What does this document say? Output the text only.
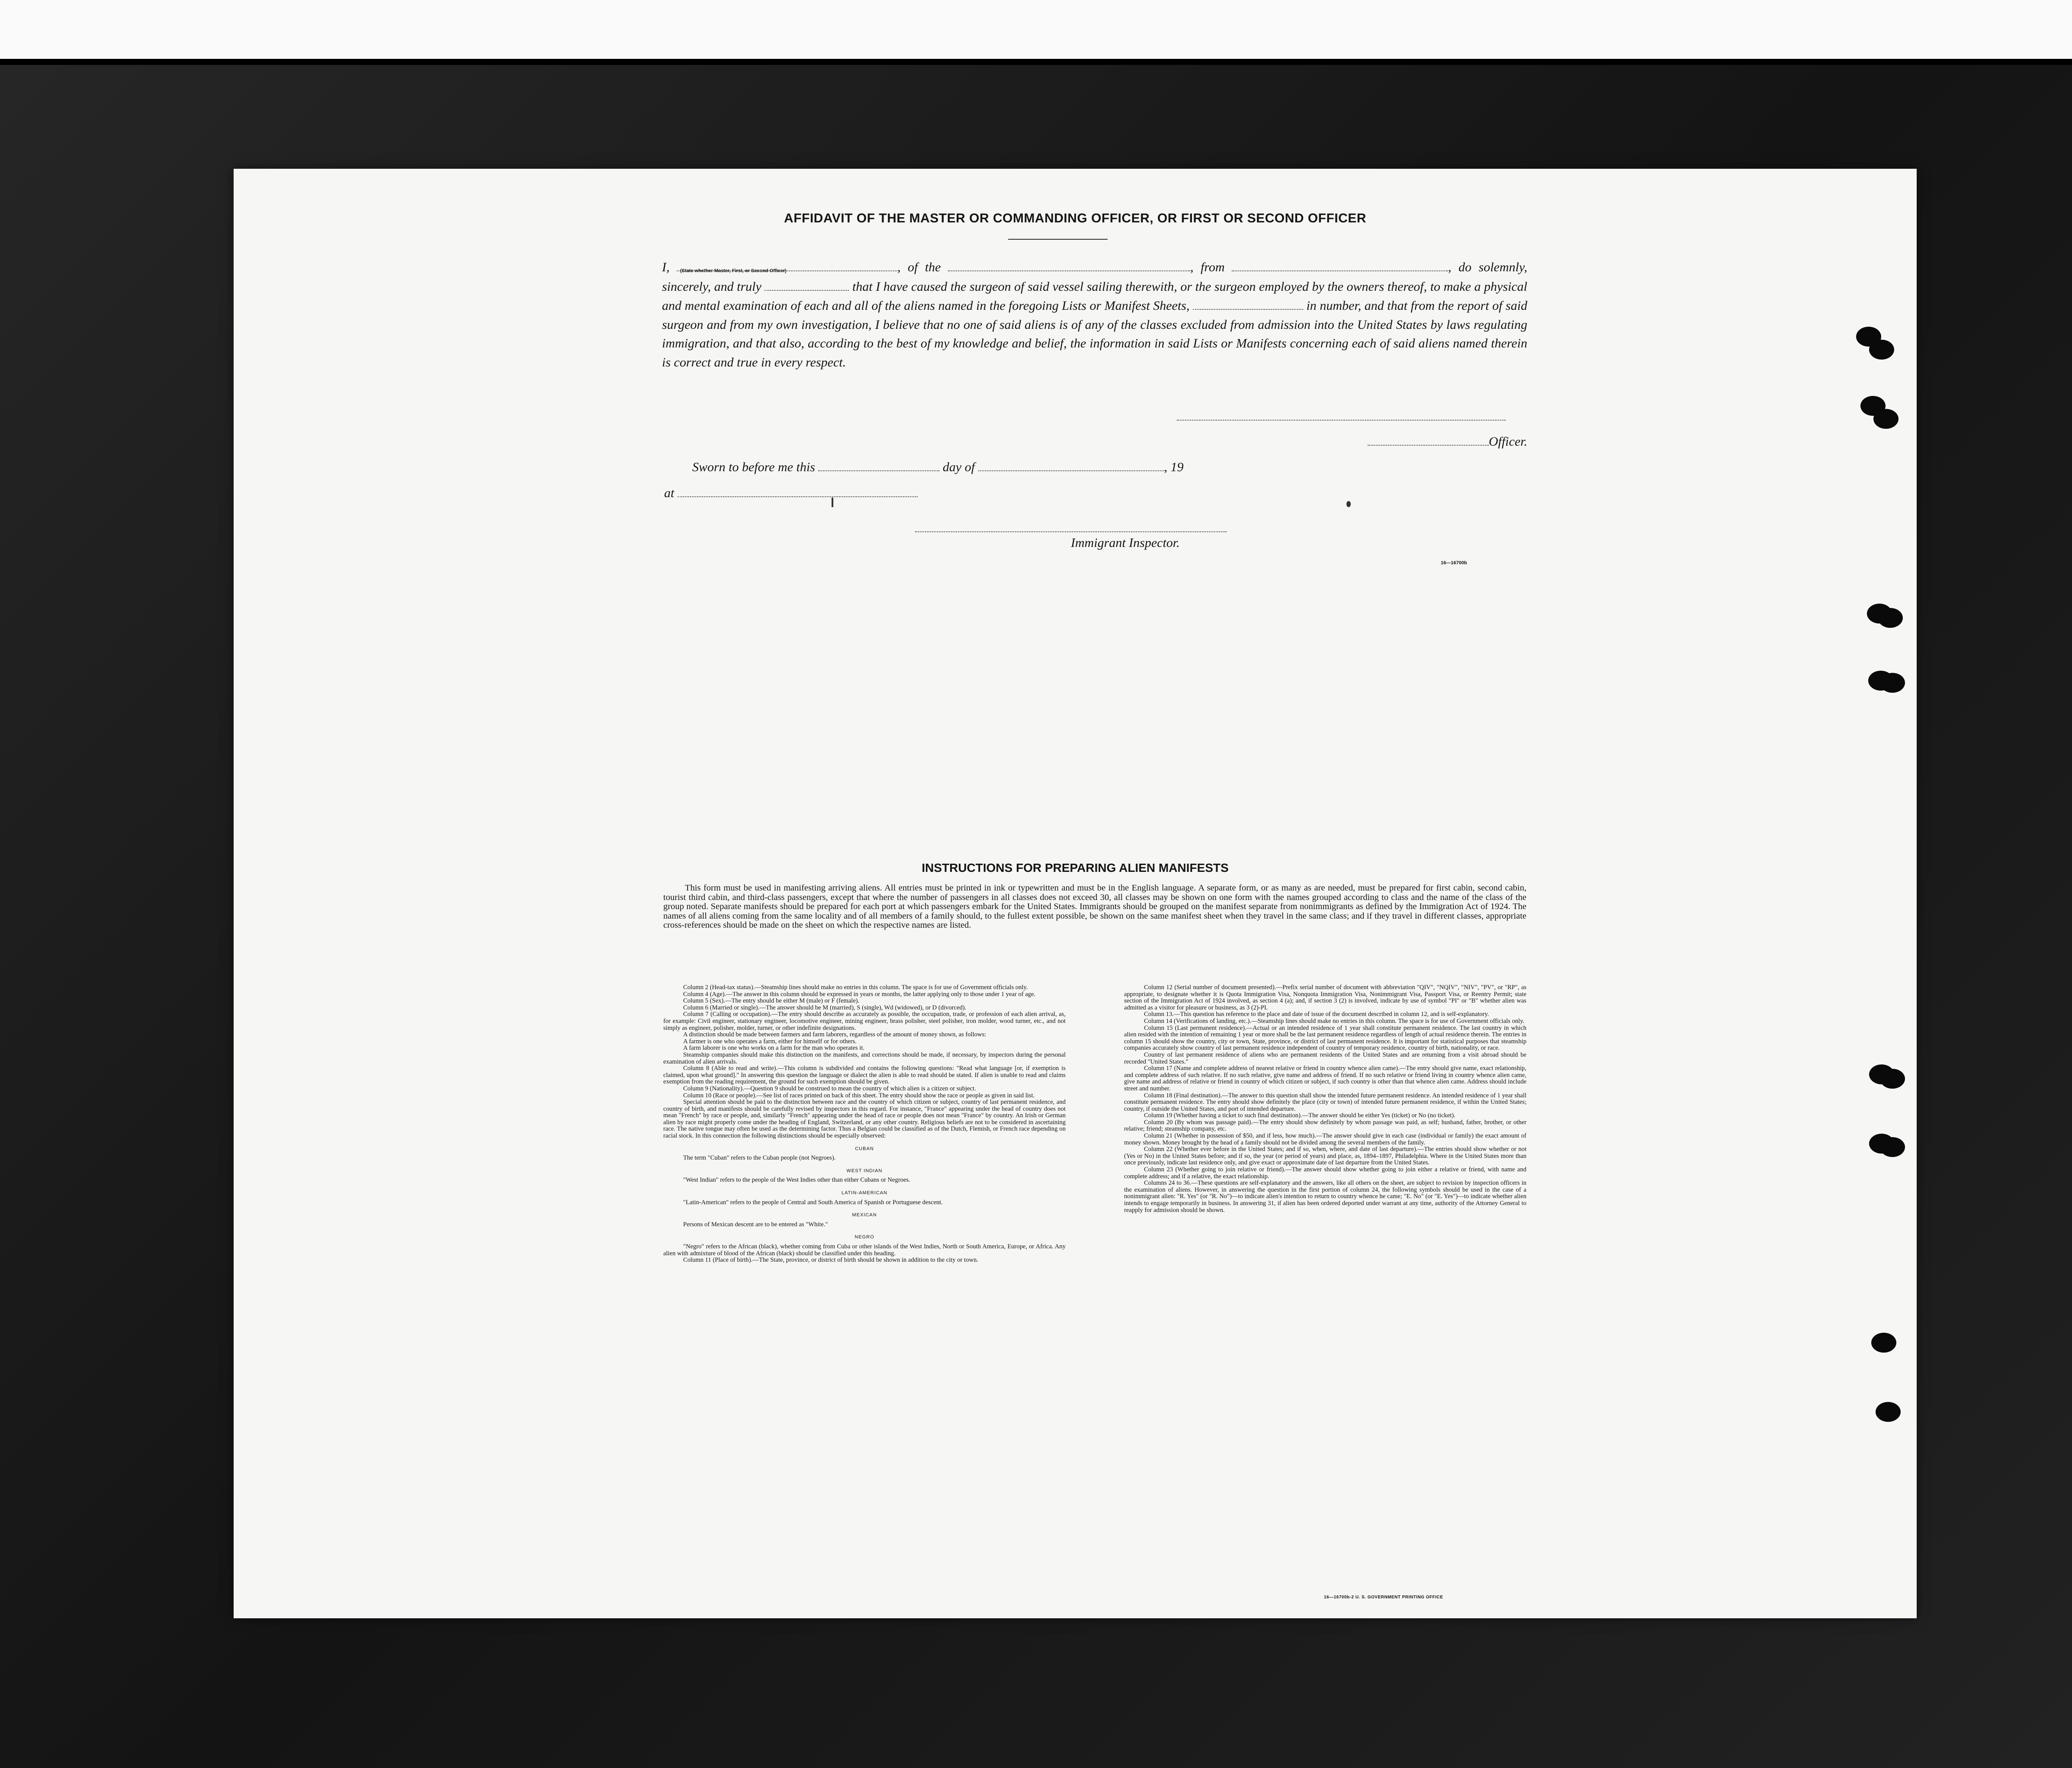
AFFIDAVIT OF THE MASTER OR COMMANDING OFFICER, OR FIRST OR SECOND OFFICER
I, (State whether Master, First, or Second Officer)	, of the	, from	, do solemnly, sincerely, and truly	that I have caused the surgeon of said vessel sailing therewith, or the surgeon employed by the owners thereof, to make a physical and mental examination of each and all of the aliens named in the foregoing Lists or Manifest Sheets,	in number, and that from the report of said surgeon and from my own investigation, I believe that no one of said aliens is of any of the classes excluded from admission into the United States by laws regulating immigration, and that also, according to the best of my knowledge and belief, the information in said Lists or Manifests concerning each of said aliens named therein is correct and true in every respect.
Officer.
Sworn to before me this	day of	, 19
at
Immigrant Inspector.
16—16700b
INSTRUCTIONS FOR PREPARING ALIEN MANIFESTS
This form must be used in manifesting arriving aliens. All entries must be printed in ink or typewritten and must be in the English language. A separate form, or as many as are needed, must be prepared for first cabin, second cabin, tourist third cabin, and third-class passengers, except that where the number of passengers in all classes does not exceed 30, all classes may be shown on one form with the names grouped according to class and the name of the class of the group noted. Separate manifests should be prepared for each port at which passengers embark for the United States. Immigrants should be grouped on the manifest separate from nonimmigrants as defined by the Immigration Act of 1924. The names of all aliens coming from the same locality and of all members of a family should, to the fullest extent possible, be shown on the same manifest sheet when they travel in the same class; and if they travel in different classes, appropriate cross-references should be made on the sheet on which the respective names are listed.

Column 2 (Head-tax status).—Steamship lines should make no entries in this column. The space is for use of Government officials only.

Column 4 (Age).—The answer in this column should be expressed in years or months, the latter applying only to those under 1 year of age.

Column 5 (Sex).—The entry should be either M (male) or F (female).

Column 6 (Married or single).—The answer should be M (married), S (single), Wd (widowed), or D (divorced).

Column 7 (Calling or occupation).—The entry should describe as accurately as possible, the occupation, trade, or profession of each alien arrival, as, for example: Civil engineer, stationary engineer, locomotive engineer, mining engineer, brass polisher, steel polisher, iron molder, wood turner, etc., and not simply as engineer, polisher, molder, turner, or other indefinite designations.

A distinction should be made between farmers and farm laborers, regardless of the amount of money shown, as follows:

A farmer is one who operates a farm, either for himself or for others.

A farm laborer is one who works on a farm for the man who operates it.

Steamship companies should make this distinction on the manifests, and corrections should be made, if necessary, by inspectors during the personal examination of alien arrivals.

Column 8 (Able to read and write).—This column is subdivided and contains the following questions: "Read what language [or, if exemption is claimed, upon what ground]." In answering this question the language or dialect the alien is able to read should be stated. If alien is unable to read and claims exemption from the reading requirement, the ground for such exemption should be given.

Column 9 (Nationality).—Question 9 should be construed to mean the country of which alien is a citizen or subject.

Column 10 (Race or people).—See list of races printed on back of this sheet. The entry should show the race or people as given in said list.

Special attention should be paid to the distinction between race and the country of which citizen or subject, country of last permanent residence, and country of birth, and manifests should be carefully revised by inspectors in this regard. For instance, "France" appearing under the head of country does not mean "French" by race or people, and, similarly "French" appearing under the head of race or people does not mean "France" by country. An Irish or German alien by race might properly come under the heading of England, Switzerland, or any other country. Religious beliefs are not to be considered in ascertaining race. The native tongue may often be used as the determining factor. Thus a Belgian could be classified as of the Dutch, Flemish, or French race depending on racial stock. In this connection the following distinctions should be especially observed:

CUBAN

The term "Cuban" refers to the Cuban people (not Negroes).

WEST INDIAN

"West Indian" refers to the people of the West Indies other than either Cubans or Negroes.

LATIN-AMERICAN

"Latin-American" refers to the people of Central and South America of Spanish or Portuguese descent.

MEXICAN

Persons of Mexican descent are to be entered as "White."

NEGRO

"Negro" refers to the African (black), whether coming from Cuba or other islands of the West Indies, North or South America, Europe, or Africa. Any alien with admixture of blood of the African (black) should be classified under this heading.

Column 11 (Place of birth).—The State, province, or district of birth should be shown in addition to the city or town.

Column 12 (Serial number of document presented).—Prefix serial number of document with abbreviation "QIV", "NQIV", "NIV", "PV", or "RP", as appropriate, to designate whether it is Quota Immigration Visa, Nonquota Immigration Visa, Nonimmigrant Visa, Passport Visa, or Reentry Permit; state section of the Immigration Act of 1924 involved, as section 4 (a); and, if section 3 (2) is involved, indicate by use of symbol "PI" or "B" whether alien was admitted as a visitor for pleasure or business, as 3 (2)-PI.

Column 13.—This question has reference to the place and date of issue of the document described in column 12, and is self-explanatory.

Column 14 (Verifications of landing, etc.).—Steamship lines should make no entries in this column. The space is for use of Government officials only.

Column 15 (Last permanent residence).—Actual or an intended residence of 1 year shall constitute permanent residence. The last country in which alien resided with the intention of remaining 1 year or more shall be the last permanent residence regardless of length of actual residence therein. The entries in column 15 should show the country, city or town, State, province, or district of last permanent residence. It is important for statistical purposes that steamship companies accurately show country of last permanent residence independent of country of temporary residence, country of birth, nationality, or race.

Country of last permanent residence of aliens who are permanent residents of the United States and are returning from a visit abroad should be recorded "United States."

Column 17 (Name and complete address of nearest relative or friend in country whence alien came).—The entry should give name, exact relationship, and complete address of such relative. If no such relative, give name and address of friend. If no such relative or friend living in country whence alien came, give name and address of relative or friend in country of which citizen or subject, if such country is other than that whence alien came. Address should include street and number.

Column 18 (Final destination).—The answer to this question shall show the intended future permanent residence. An intended residence of 1 year shall constitute permanent residence. The entry should show definitely the place (city or town) of intended future permanent residence, if within the United States; country, if outside the United States, and port of intended departure.

Column 19 (Whether having a ticket to such final destination).—The answer should be either Yes (ticket) or No (no ticket).

Column 20 (By whom was passage paid).—The entry should show definitely by whom passage was paid, as self; husband, father, brother, or other relative; friend; steamship company, etc.

Column 21 (Whether in possession of $50, and if less, how much).—The answer should give in each case (individual or family) the exact amount of money shown. Money brought by the head of a family should not be divided among the several members of the family.

Column 22 (Whether ever before in the United States; and if so, when, where, and date of last departure).—The entries should show whether or not (Yes or No) in the United States before; and if so, the year (or period of years) and place, as, 1894–1897, Philadelphia. Where in the United States more than once previously, indicate last residence only, and give exact or approximate date of last departure from the United States.

Column 23 (Whether going to join relative or friend).—The answer should show whether going to join either a relative or friend, with name and complete address; and if a relative, the exact relationship.

Columns 24 to 36.—These questions are self-explanatory and the answers, like all others on the sheet, are subject to revision by inspection officers in the examination of aliens. However, in answering the question in the first portion of column 24, the following symbols should be used in the case of a nonimmigrant alien: "R. Yes" (or "R. No")—to indicate alien's intention to return to country whence he came; "E. No" (or "E. Yes")—to indicate whether alien intends to engage temporarily in business. In answering 31, if alien has been ordered deported under warrant at any time, authority of the Attorney General to reapply for admission should be shown.

16—16700b-2 U. S. GOVERNMENT PRINTING OFFICE
